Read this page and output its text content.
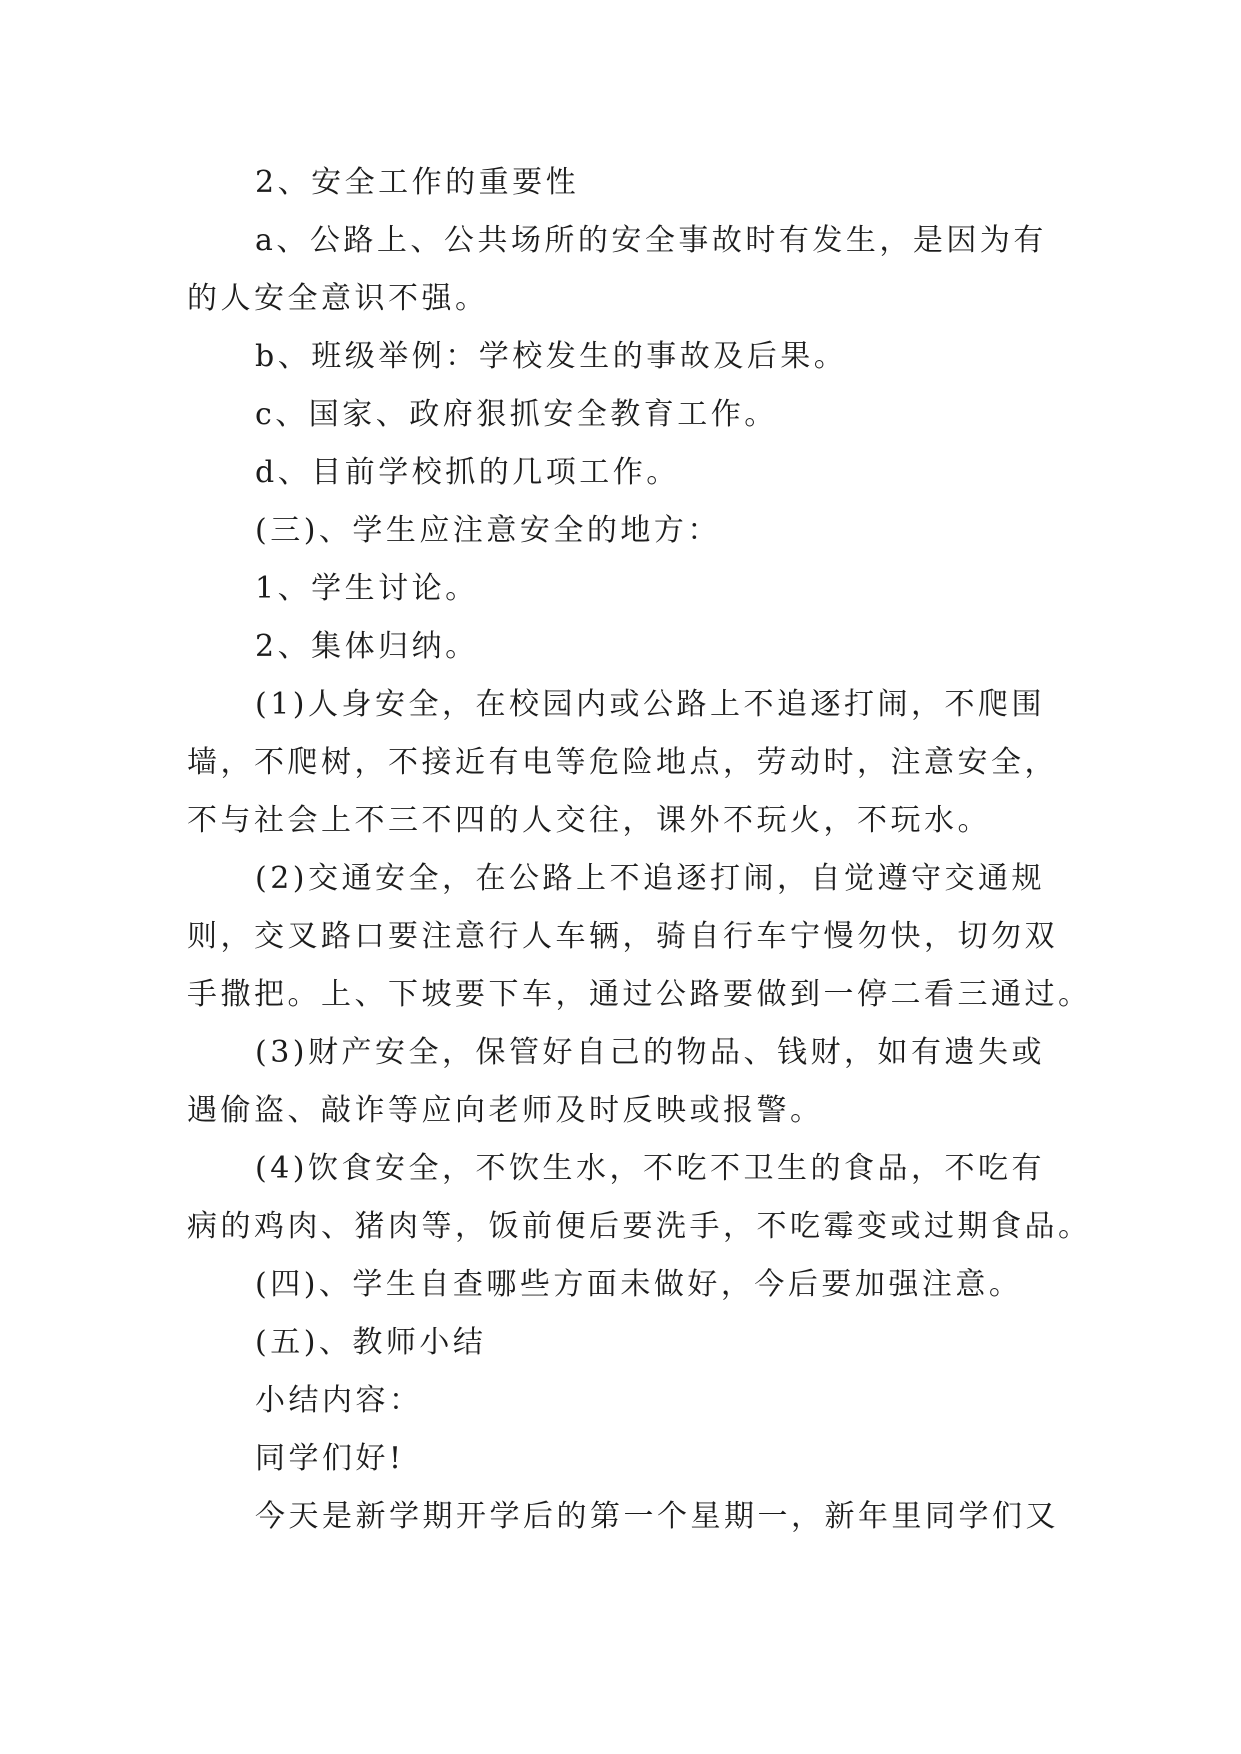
2、安全工作的重要性
a、公路上、公共场所的安全事故时有发生，是因为有
的人安全意识不强。
b、班级举例：学校发生的事故及后果。
c、国家、政府狠抓安全教育工作。
d、目前学校抓的几项工作。
(三)、学生应注意安全的地方：
1、学生讨论。
2、集体归纳。
(1)人身安全，在校园内或公路上不追逐打闹，不爬围
墙，不爬树，不接近有电等危险地点，劳动时，注意安全，
不与社会上不三不四的人交往，课外不玩火，不玩水。
(2)交通安全，在公路上不追逐打闹，自觉遵守交通规
则，交叉路口要注意行人车辆，骑自行车宁慢勿快，切勿双
手撒把。上、下坡要下车，通过公路要做到一停二看三通过。
(3)财产安全，保管好自己的物品、钱财，如有遗失或
遇偷盗、敲诈等应向老师及时反映或报警。
(4)饮食安全，不饮生水，不吃不卫生的食品，不吃有
病的鸡肉、猪肉等，饭前便后要洗手，不吃霉变或过期食品。
(四)、学生自查哪些方面未做好，今后要加强注意。
(五)、教师小结
小结内容：
同学们好!
今天是新学期开学后的第一个星期一，新年里同学们又
